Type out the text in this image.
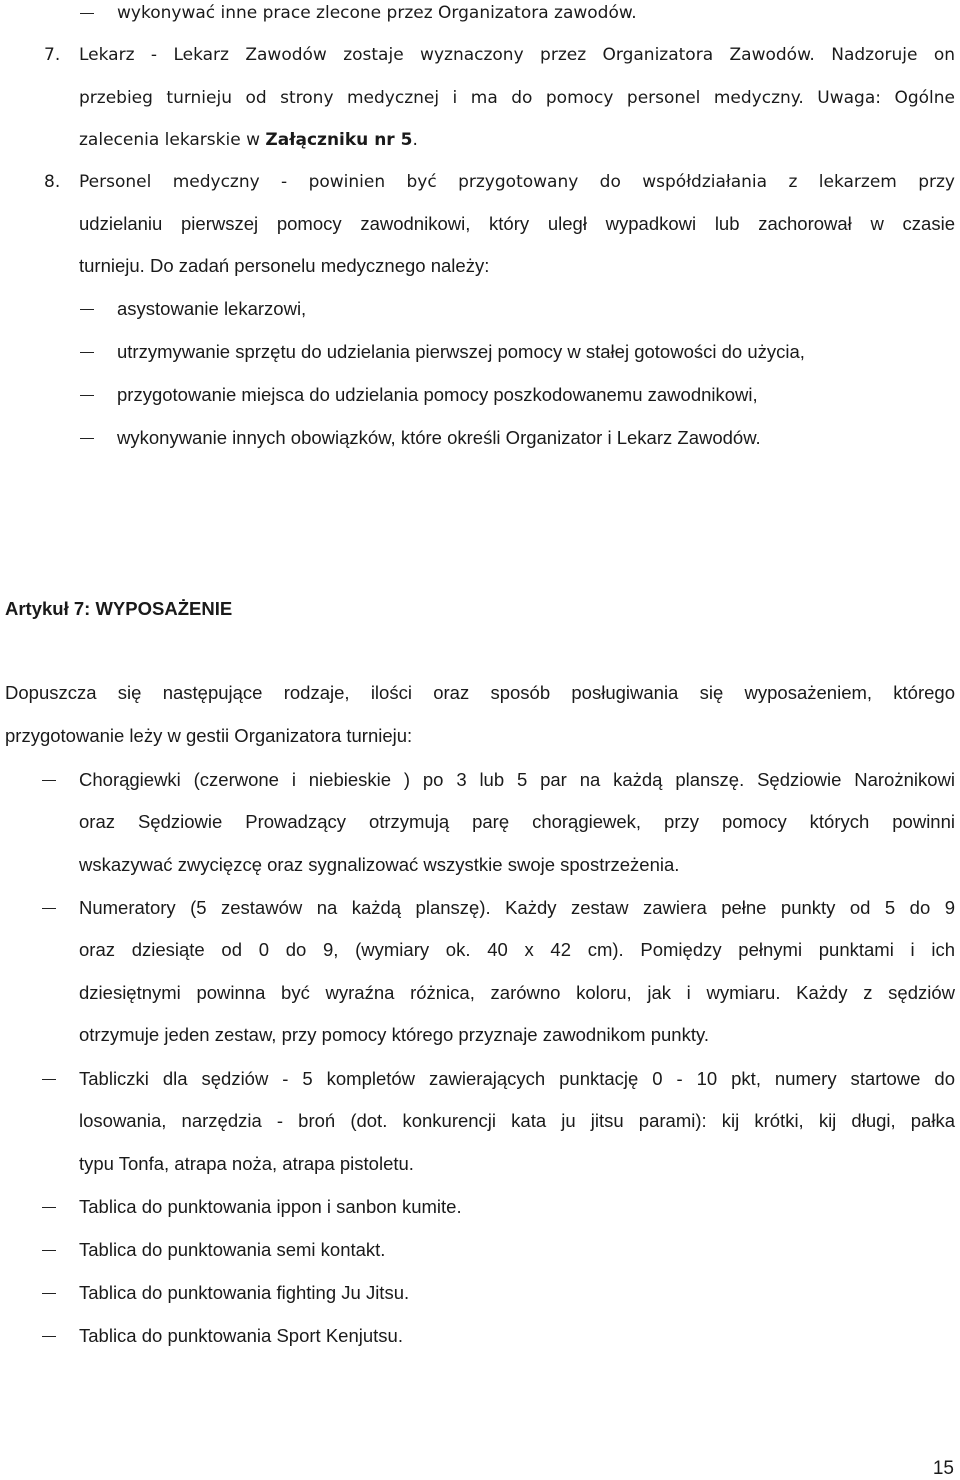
wykonywać inne prace zlecone przez Organizatora zawodów.
7. Lekarz - Lekarz Zawodów zostaje wyznaczony przez Organizatora Zawodów. Nadzoruje on
przebieg turnieju od strony medycznej i ma do pomocy personel medyczny. Uwaga: Ogólne
zalecenia lekarskie w Załączniku nr 5.
8. Personel medyczny - powinien być przygotowany do współdziałania z lekarzem przy
udzielaniu pierwszej pomocy zawodnikowi, który uległ wypadkowi lub zachorował w czasie
turnieju. Do zadań personelu medycznego należy:
asystowanie lekarzowi,
utrzymywanie sprzętu do udzielania pierwszej pomocy w stałej gotowości do użycia,
przygotowanie miejsca do udzielania pomocy poszkodowanemu zawodnikowi,
wykonywanie innych obowiązków, które określi Organizator i Lekarz Zawodów.
Artykuł 7: WYPOSAŻENIE
Dopuszcza się następujące rodzaje, ilości oraz sposób posługiwania się wyposażeniem, którego
przygotowanie leży w gestii Organizatora turnieju:
Chorągiewki (czerwone i niebieskie ) po 3 lub 5 par na każdą planszę. Sędziowie Narożnikowi
oraz Sędziowie Prowadzący otrzymują parę chorągiewek, przy pomocy których powinni
wskazywać zwycięzcę oraz sygnalizować wszystkie swoje spostrzeżenia.
Numeratory (5 zestawów na każdą planszę). Każdy zestaw zawiera pełne punkty od 5 do 9
oraz dziesiąte od 0 do 9, (wymiary ok. 40 x 42 cm). Pomiędzy pełnymi punktami i ich
dziesiętnymi powinna być wyraźna różnica, zarówno koloru, jak i wymiaru. Każdy z sędziów
otrzymuje jeden zestaw, przy pomocy którego przyznaje zawodnikom punkty.
Tabliczki dla sędziów - 5 kompletów zawierających punktację 0 - 10 pkt, numery startowe do
losowania, narzędzia - broń (dot. konkurencji kata ju jitsu parami): kij krótki, kij długi, pałka
typu Tonfa, atrapa noża, atrapa pistoletu.
Tablica do punktowania ippon i sanbon kumite.
Tablica do punktowania semi kontakt.
Tablica do punktowania fighting Ju Jitsu.
Tablica do punktowania Sport Kenjutsu.
15
